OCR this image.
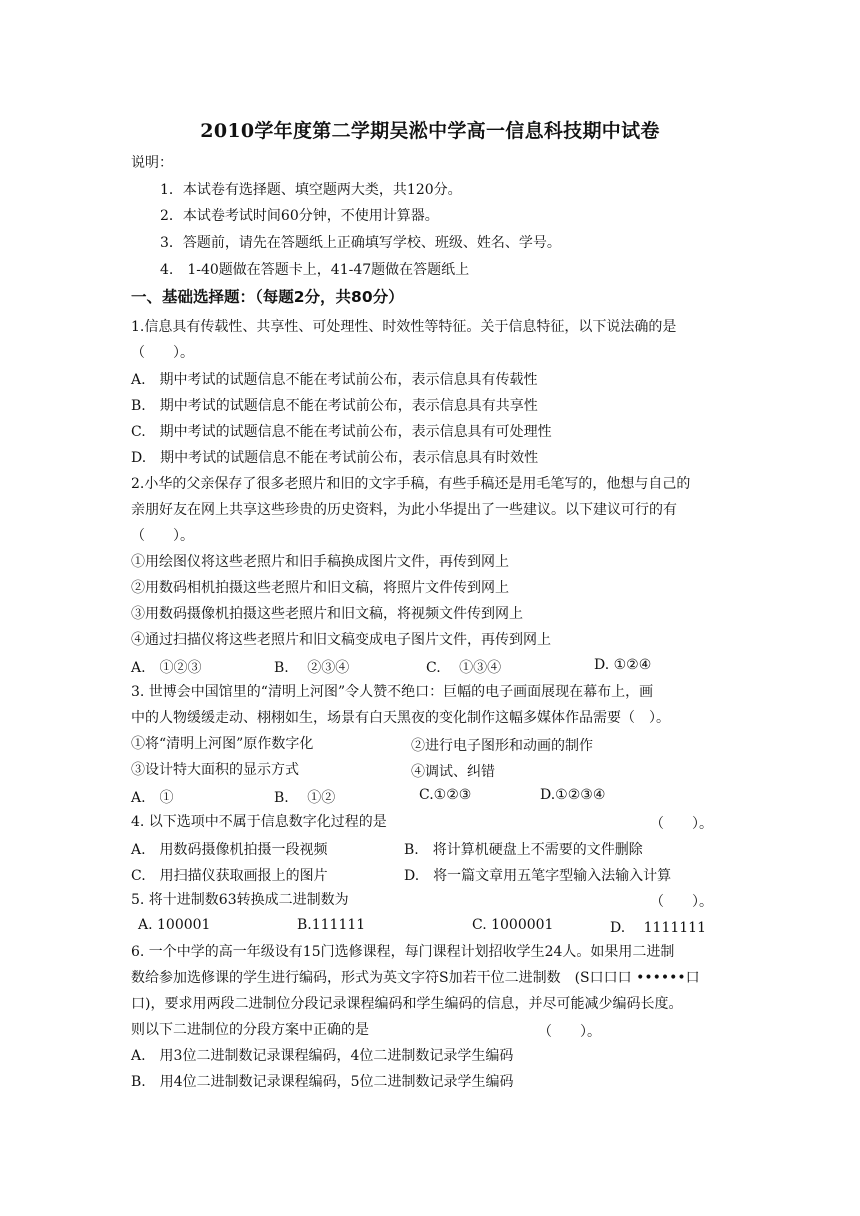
2010学年度第二学期吴淞中学高一信息科技期中试卷
说明：
1．本试卷有选择题、填空题两大类，共120分。
2．本试卷考试时间60分钟，不使用计算器。
3．答题前，请先在答题纸上正确填写学校、班级、姓名、学号。
4.　1-40题做在答题卡上，41-47题做在答题纸上
一、基础选择题：（每题2分，共80分）
1.信息具有传载性、共享性、可处理性、时效性等特征。关于信息特征，以下说法确的是
（　　）。
A.　期中考试的试题信息不能在考试前公布，表示信息具有传载性
B.　期中考试的试题信息不能在考试前公布，表示信息具有共享性
C.　期中考试的试题信息不能在考试前公布，表示信息具有可处理性
D.　期中考试的试题信息不能在考试前公布，表示信息具有时效性
2.小华的父亲保存了很多老照片和旧的文字手稿，有些手稿还是用毛笔写的，他想与自己的
亲朋好友在网上共享这些珍贵的历史资料，为此小华提出了一些建议。以下建议可行的有
（　　）。
①用绘图仪将这些老照片和旧手稿换成图片文件，再传到网上
②用数码相机拍摄这些老照片和旧文稿，将照片文件传到网上
③用数码摄像机拍摄这些老照片和旧文稿，将视频文件传到网上
④通过扫描仪将这些老照片和旧文稿变成电子图片文件，再传到网上
A.　①②③	B.　 ②③④	C.　 ①③④	D. ①②④
3. 世博会中国馆里的“清明上河图”令人赞不绝口：巨幅的电子画面展现在幕布上，画
中的人物缓缓走动、栩栩如生，场景有白天黑夜的变化制作这幅多媒体作品需要（　）。
①将“清明上河图”原作数字化	②进行电子图形和动画的制作
③设计特大面积的显示方式	④调试、纠错
A.　①	B.　 ①②	C.①②③	D.①②③④
4. 以下选项中不属于信息数字化过程的是	（　　）。
A.　用数码摄像机拍摄一段视频	B.　将计算机硬盘上不需要的文件删除
C.　用扫描仪获取画报上的图片	D.　将一篇文章用五笔字型输入法输入计算
5. 将十进制数63转换成二进制数为	（　　）。
A. 100001	B.111111	C. 1000001	D.　 1111111
6. 一个中学的高一年级设有15门选修课程，每门课程计划招收学生24人。如果用二进制
数给参加选修课的学生进行编码，形式为英文字符S加若干位二进制数　(S口口口 ••••••口
口)，要求用两段二进制位分段记录课程编码和学生编码的信息，并尽可能减少编码长度。
则以下二进制位的分段方案中正确的是	（　　）。
A.　用3位二进制数记录课程编码，4位二进制数记录学生编码
B.　用4位二进制数记录课程编码，5位二进制数记录学生编码
